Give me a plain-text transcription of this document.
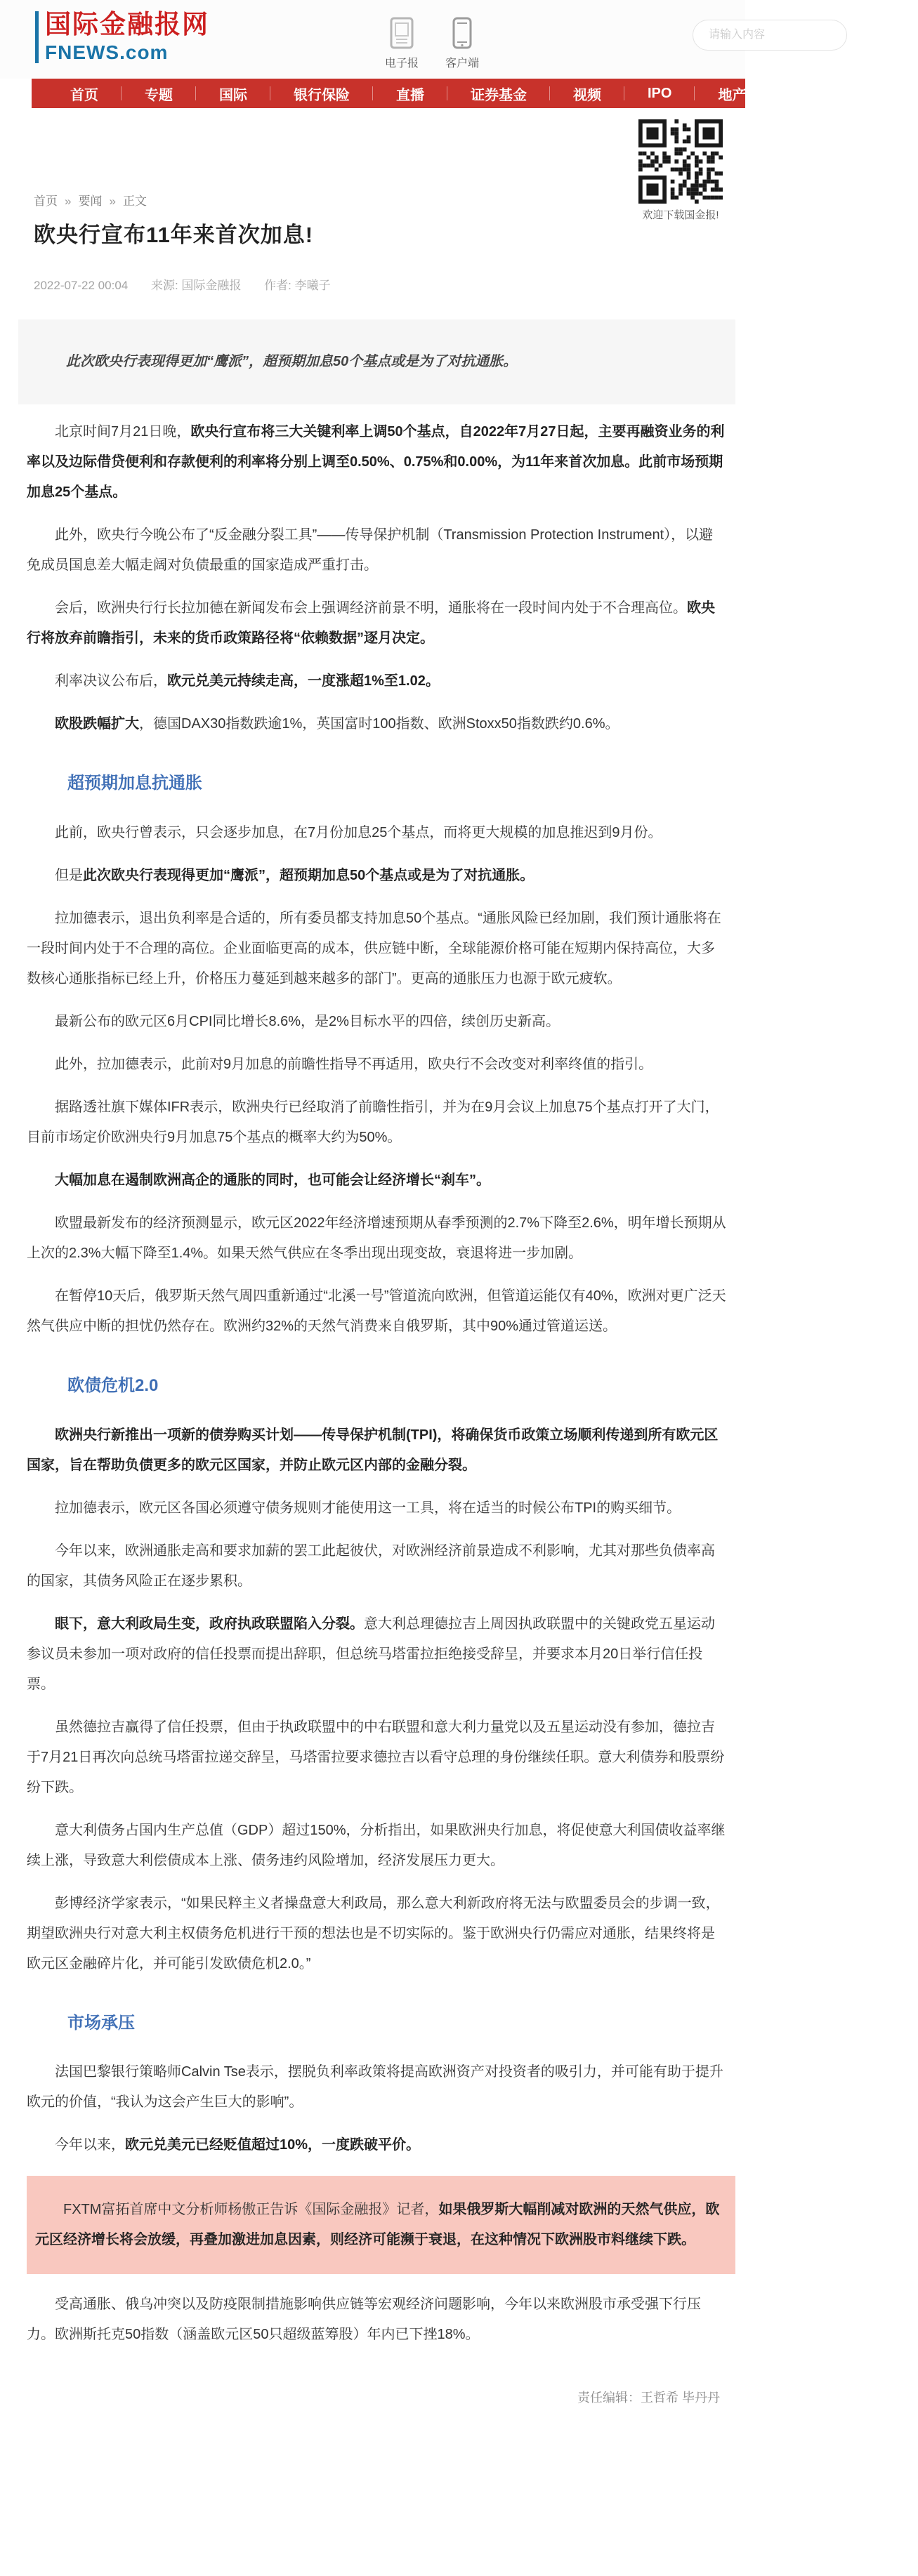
国际金融报网
FNEWS.com
电子报 客户端
请输入内容
首页	专题	国际	银行保险	直播	证券基金	视频	IPO	地产	汽车	消费
欢迎下载国金报!
首页 » 要闻 » 正文
欧央行宣布11年来首次加息!
2022-07-22 00:04 来源: 国际金融报 作者: 李曦子
此次欧央行表现得更加“鹰派”，超预期加息50个基点或是为了对抗通胀。

北京时间7月21日晚，欧央行宣布将三大关键利率上调50个基点，自2022年7月27日起，主要再融资业务的利率以及边际借贷便利和存款便利的利率将分别上调至0.50%、0.75%和0.00%，为11年来首次加息。此前市场预期加息25个基点。

此外，欧央行今晚公布了“反金融分裂工具”——传导保护机制（Transmission Protection Instrument），以避免成员国息差大幅走阔对负债最重的国家造成严重打击。

会后，欧洲央行行长拉加德在新闻发布会上强调经济前景不明，通胀将在一段时间内处于不合理高位。欧央行将放弃前瞻指引，未来的货币政策路径将“依赖数据”逐月决定。

利率决议公布后，欧元兑美元持续走高，一度涨超1%至1.02。

欧股跌幅扩大，德国DAX30指数跌逾1%，英国富时100指数、欧洲Stoxx50指数跌约0.6%。

超预期加息抗通胀

此前，欧央行曾表示，只会逐步加息，在7月份加息25个基点，而将更大规模的加息推迟到9月份。

但是此次欧央行表现得更加“鹰派”，超预期加息50个基点或是为了对抗通胀。

拉加德表示，退出负利率是合适的，所有委员都支持加息50个基点。“通胀风险已经加剧，我们预计通胀将在一段时间内处于不合理的高位。企业面临更高的成本，供应链中断，全球能源价格可能在短期内保持高位，大多数核心通胀指标已经上升，价格压力蔓延到越来越多的部门”。更高的通胀压力也源于欧元疲软。

最新公布的欧元区6月CPI同比增长8.6%，是2%目标水平的四倍，续创历史新高。

此外，拉加德表示，此前对9月加息的前瞻性指导不再适用，欧央行不会改变对利率终值的指引。

据路透社旗下媒体IFR表示，欧洲央行已经取消了前瞻性指引，并为在9月会议上加息75个基点打开了大门，目前市场定价欧洲央行9月加息75个基点的概率大约为50%。

大幅加息在遏制欧洲高企的通胀的同时，也可能会让经济增长“刹车”。

欧盟最新发布的经济预测显示，欧元区2022年经济增速预期从春季预测的2.7%下降至2.6%，明年增长预期从上次的2.3%大幅下降至1.4%。如果天然气供应在冬季出现出现变故，衰退将进一步加剧。

在暂停10天后，俄罗斯天然气周四重新通过“北溪一号”管道流向欧洲，但管道运能仅有40%，欧洲对更广泛天然气供应中断的担忧仍然存在。欧洲约32%的天然气消费来自俄罗斯，其中90%通过管道运送。

欧债危机2.0

欧洲央行新推出一项新的债券购买计划——传导保护机制(TPI)，将确保货币政策立场顺利传递到所有欧元区国家，旨在帮助负债更多的欧元区国家，并防止欧元区内部的金融分裂。

拉加德表示，欧元区各国必须遵守债务规则才能使用这一工具，将在适当的时候公布TPI的购买细节。

今年以来，欧洲通胀走高和要求加薪的罢工此起彼伏，对欧洲经济前景造成不利影响，尤其对那些负债率高的国家，其债务风险正在逐步累积。

眼下，意大利政局生变，政府执政联盟陷入分裂。意大利总理德拉吉上周因执政联盟中的关键政党五星运动参议员未参加一项对政府的信任投票而提出辞职，但总统马塔雷拉拒绝接受辞呈，并要求本月20日举行信任投票。

虽然德拉吉赢得了信任投票，但由于执政联盟中的中右联盟和意大利力量党以及五星运动没有参加，德拉吉于7月21日再次向总统马塔雷拉递交辞呈，马塔雷拉要求德拉吉以看守总理的身份继续任职。意大利债券和股票纷纷下跌。

意大利债务占国内生产总值（GDP）超过150%，分析指出，如果欧洲央行加息，将促使意大利国债收益率继续上涨，导致意大利偿债成本上涨、债务违约风险增加，经济发展压力更大。

彭博经济学家表示，“如果民粹主义者操盘意大利政局，那么意大利新政府将无法与欧盟委员会的步调一致，期望欧洲央行对意大利主权债务危机进行干预的想法也是不切实际的。鉴于欧洲央行仍需应对通胀，结果终将是欧元区金融碎片化，并可能引发欧债危机2.0。”

市场承压

法国巴黎银行策略师Calvin Tse表示，摆脱负利率政策将提高欧洲资产对投资者的吸引力，并可能有助于提升欧元的价值，“我认为这会产生巨大的影响”。

今年以来，欧元兑美元已经贬值超过10%，一度跌破平价。

FXTM富拓首席中文分析师杨傲正告诉《国际金融报》记者，如果俄罗斯大幅削减对欧洲的天然气供应，欧元区经济增长将会放缓，再叠加激进加息因素，则经济可能濒于衰退，在这种情况下欧洲股市料继续下跌。

受高通胀、俄乌冲突以及防疫限制措施影响供应链等宏观经济问题影响，今年以来欧洲股市承受强下行压力。欧洲斯托克50指数（涵盖欧元区50只超级蓝筹股）年内已下挫18%。

责任编辑：王哲希 毕丹丹
